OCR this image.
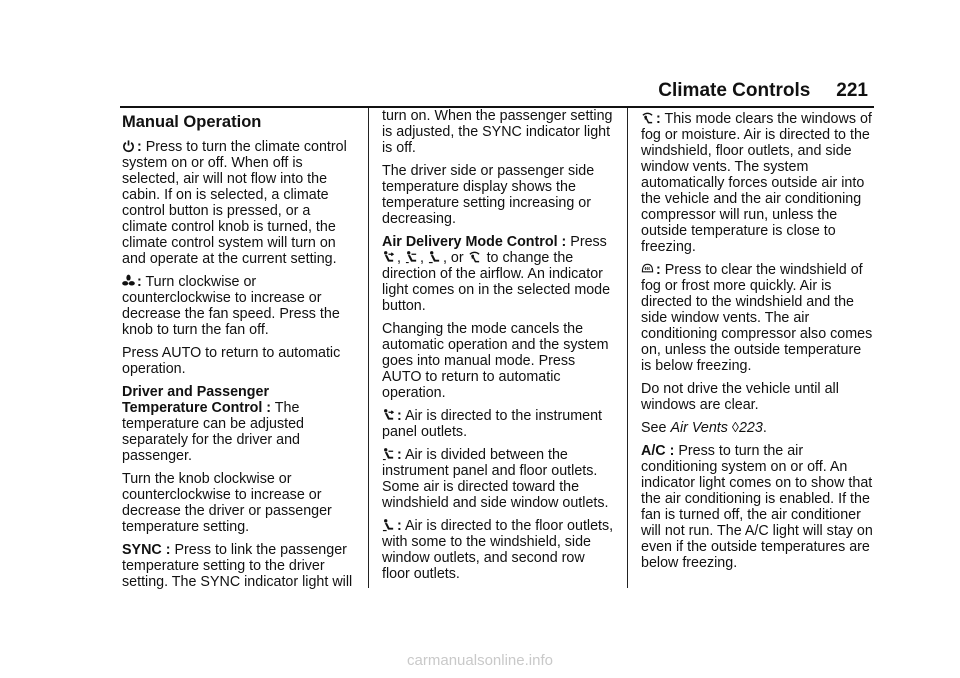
Climate Controls 221
Manual Operation

: Press to turn the climate control system on or off. When off is selected, air will not flow into the cabin. If on is selected, a climate control button is pressed, or a climate control knob is turned, the climate control system will turn on and operate at the current setting.

: Turn clockwise or counterclockwise to increase or decrease the fan speed. Press the knob to turn the fan off.

Press AUTO to return to automatic operation.

Driver and Passenger Temperature Control : The temperature can be adjusted separately for the driver and passenger.

Turn the knob clockwise or counterclockwise to increase or decrease the driver or passenger temperature setting.

SYNC : Press to link the passenger temperature setting to the driver setting. The SYNC indicator light will

turn on. When the passenger setting is adjusted, the SYNC indicator light is off.

The driver side or passenger side temperature display shows the temperature setting increasing or decreasing.

Air Delivery Mode Control : Press
, , , or to change the direction of the airflow. An indicator light comes on in the selected mode button.

Changing the mode cancels the automatic operation and the system goes into manual mode. Press AUTO to return to automatic operation.

: Air is directed to the instrument panel outlets.

: Air is divided between the instrument panel and floor outlets. Some air is directed toward the windshield and side window outlets.

: Air is directed to the floor outlets, with some to the windshield, side window outlets, and second row floor outlets.

: This mode clears the windows of fog or moisture. Air is directed to the windshield, floor outlets, and side window vents. The system automatically forces outside air into the vehicle and the air conditioning compressor will run, unless the outside temperature is close to freezing.

: Press to clear the windshield of fog or frost more quickly. Air is directed to the windshield and the side window vents. The air conditioning compressor also comes on, unless the outside temperature is below freezing.

Do not drive the vehicle until all windows are clear.

See Air Vents ◊223.

A/C : Press to turn the air conditioning system on or off. An indicator light comes on to show that the air conditioning is enabled. If the fan is turned off, the air conditioner will not run. The A/C light will stay on even if the outside temperatures are below freezing.

carmanualsonline.info
